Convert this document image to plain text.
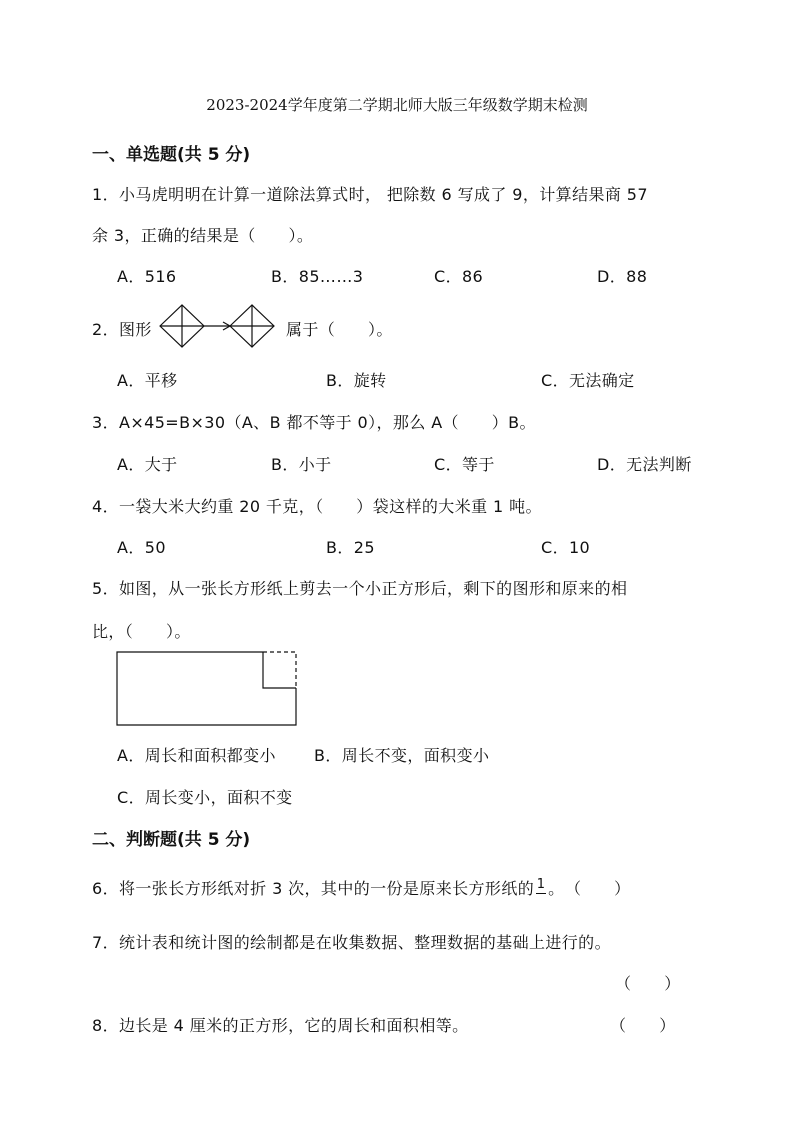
2023-2024学年度第二学期北师大版三年级数学期末检测
一、单选题(共 5 分)
1．小马虎明明在计算一道除法算式时， 把除数 6 写成了 9，计算结果商 57
余 3，正确的结果是（　　）。
A．516	B．85……3	C．86	D．88
2．图形	属于（　　）。
A．平移	B．旋转	C．无法确定
3．A×45=B×30（A、B 都不等于 0），那么 A（　　）B。
A．大于	B．小于	C．等于	D．无法判断
4．一袋大米大约重 20 千克，（　　）袋这样的大米重 1 吨。
A．50	B．25	C．10
5．如图，从一张长方形纸上剪去一个小正方形后，剩下的图形和原来的相
比，（　　）。
A．周长和面积都变小 B．周长不变，面积变小
C．周长变小，面积不变
二、判断题(共 5 分)
6．将一张长方形纸对折 3 次，其中的一份是原来长方形纸的 1 。　（　　）
7．统计表和统计图的绘制都是在收集数据、整理数据的基础上进行的。
（　　）
8．边长是 4 厘米的正方形，它的周长和面积相等。	（　　）
